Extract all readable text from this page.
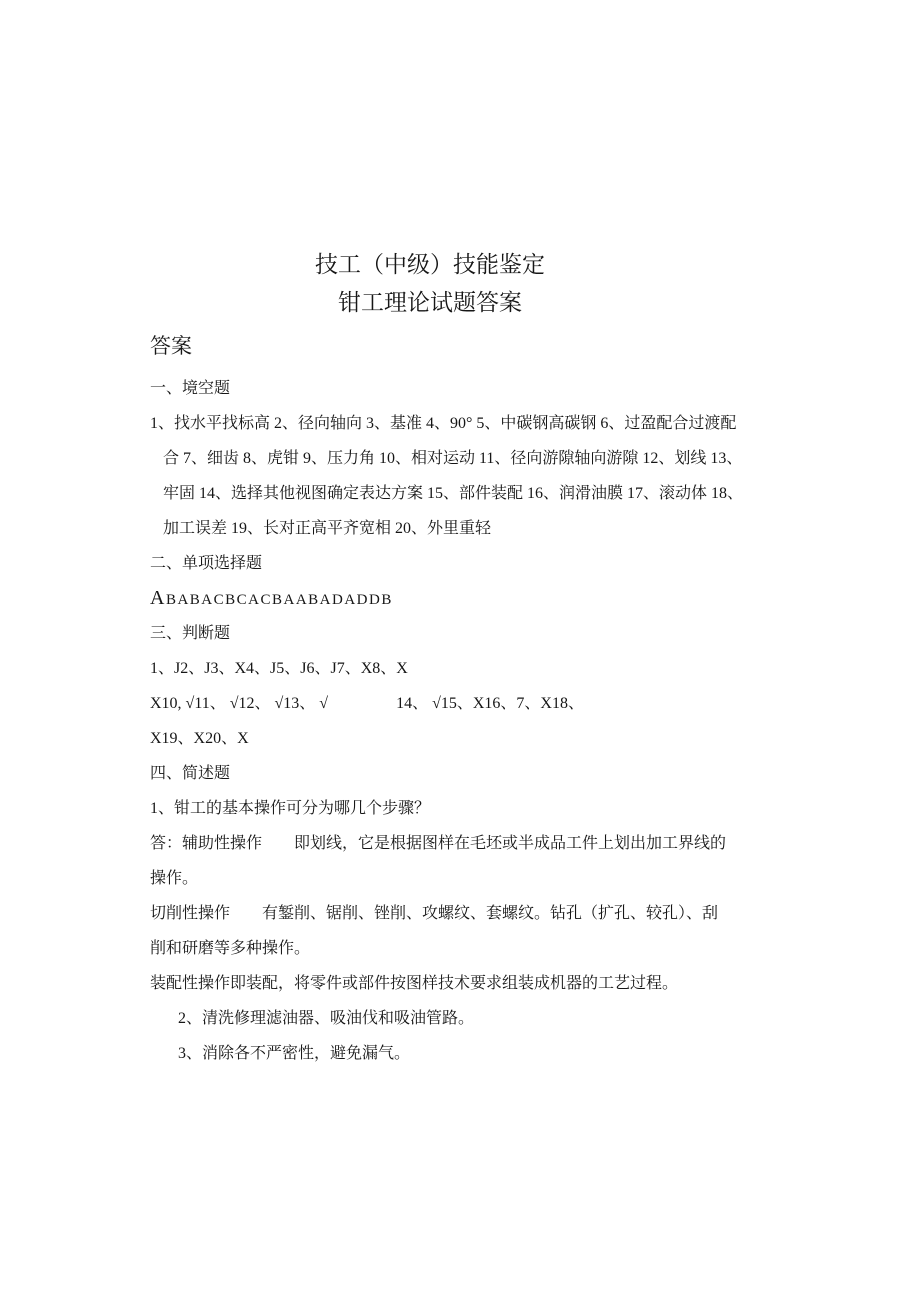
技工（中级）技能鉴定
钳工理论试题答案
答案
一、境空题
1、找水平找标高 2、径向轴向 3、基准 4、90° 5、中碳钢高碳钢 6、过盈配合过渡配
合 7、细齿 8、虎钳 9、压力角 10、相对运动 11、径向游隙轴向游隙 12、划线 13、
牢固 14、选择其他视图确定表达方案 15、部件装配 16、润滑油膜 17、滚动体 18、
加工误差 19、长对正高平齐宽相 20、外里重轻
二、单项选择题
ABABACBCACBAABADADDB
三、判断题
1、J2、J3、X4、J5、J6、J7、X8、X
X10, √11、 √12、 √13、 √　　　　 14、 √15、X16、7、X18、
X19、X20、X
四、简述题
1、钳工的基本操作可分为哪几个步骤？
答：辅助性操作　　即划线，它是根据图样在毛坯或半成品工件上划出加工界线的
操作。
切削性操作　　有錾削、锯削、锉削、攻螺纹、套螺纹。钻孔（扩孔、较孔）、刮
削和研磨等多种操作。
装配性操作即装配，将零件或部件按图样技术要求组装成机器的工艺过程。
2、清洗修理滤油器、吸油伐和吸油管路。
3、消除各不严密性，避免漏气。
